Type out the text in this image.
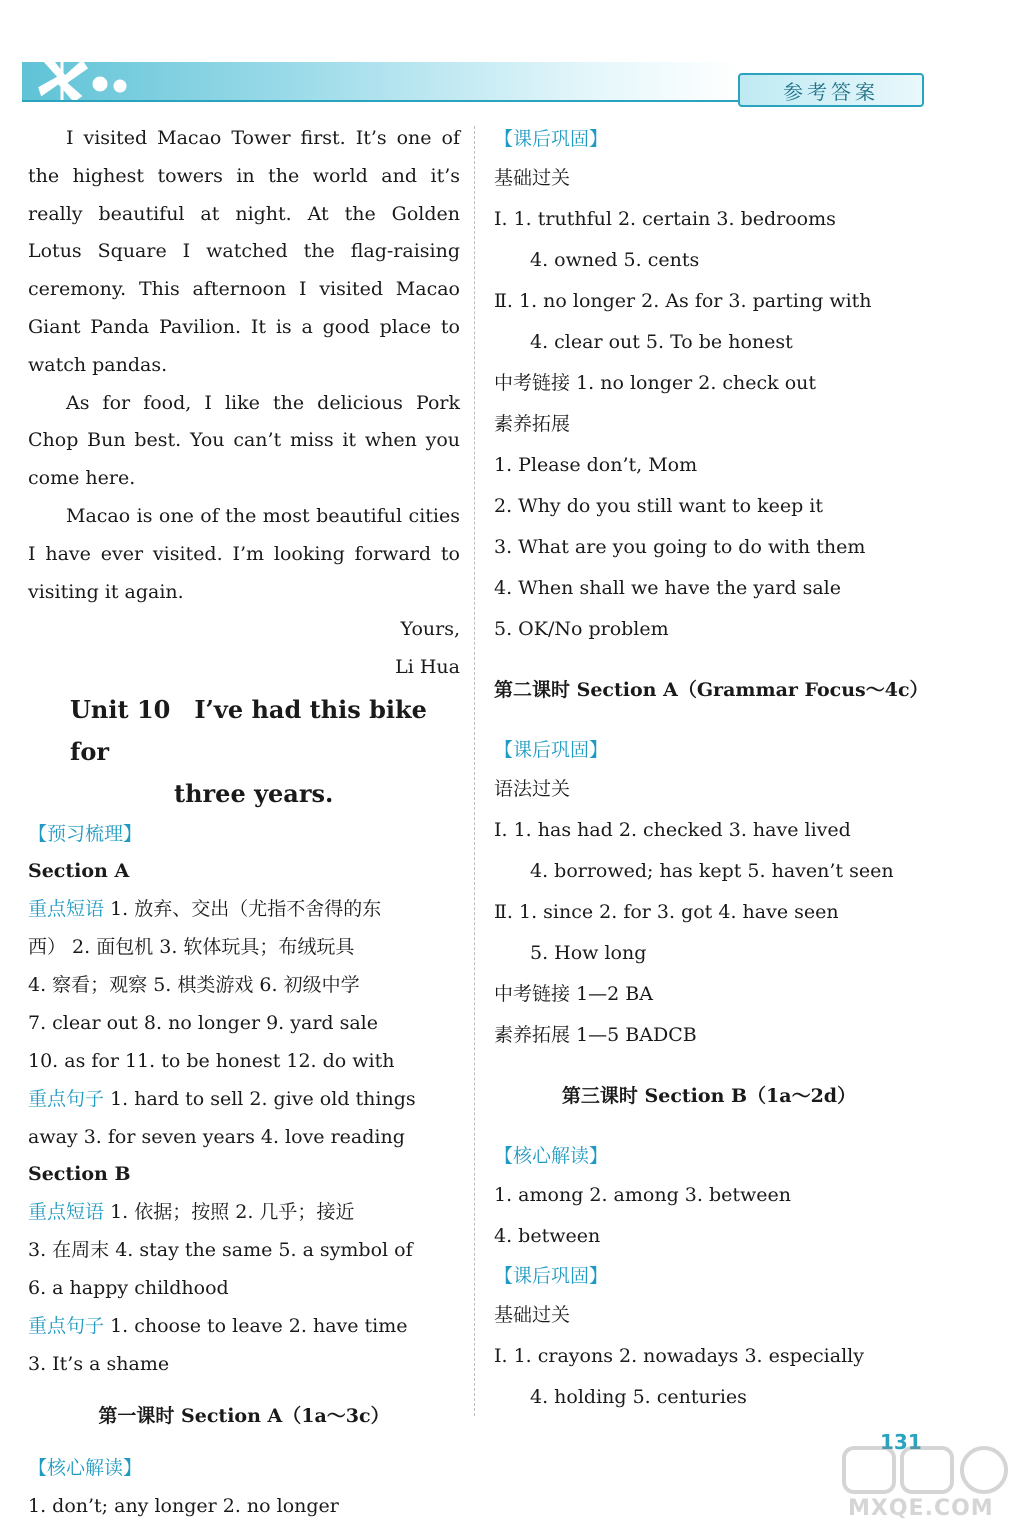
参考答案

I visited Macao Tower first. It’s one of the highest towers in the world and it’s really beautiful at night. At the Golden Lotus Square I watched the flag-raising ceremony. This afternoon I visited Macao Giant Panda Pavilion. It is a good place to watch pandas.

As for food, I like the delicious Pork Chop Bun best. You can’t miss it when you come here.

Macao is one of the most beautiful cities I have ever visited. I’m looking forward to visiting it again.

Yours,
Li Hua
Unit 10　I’ve had this bike for
three years.
【预习梳理】
Section A
重点短语 1. 放弃、交出（尤指不舍得的东
西） 2. 面包机 3. 软体玩具；布绒玩具
4. 察看；观察 5. 棋类游戏 6. 初级中学
7. clear out 8. no longer 9. yard sale
10. as for 11. to be honest 12. do with
重点句子 1. hard to sell 2. give old things
away 3. for seven years 4. love reading
Section B
重点短语 1. 依据；按照 2. 几乎；接近
3. 在周末 4. stay the same 5. a symbol of
6. a happy childhood
重点句子 1. choose to leave 2. have time
3. It’s a shame
第一课时 Section A（1a～3c）
【核心解读】
1. don’t; any longer 2. no longer
【课后巩固】
基础过关
Ⅰ. 1. truthful 2. certain 3. bedrooms
4. owned 5. cents
Ⅱ. 1. no longer 2. As for 3. parting with
4. clear out 5. To be honest
中考链接 1. no longer 2. check out
素养拓展
1. Please don’t, Mom
2. Why do you still want to keep it
3. What are you going to do with them
4. When shall we have the yard sale
5. OK/No problem
第二课时 Section A（Grammar Focus～4c）
【课后巩固】
语法过关
Ⅰ. 1. has had 2. checked 3. have lived
4. borrowed; has kept 5. haven’t seen
Ⅱ. 1. since 2. for 3. got 4. have seen
5. How long
中考链接 1—2 BA
素养拓展 1—5 BADCB
第三课时 Section B（1a～2d）
【核心解读】
1. among 2. among 3. between
4. between
【课后巩固】
基础过关
Ⅰ. 1. crayons 2. nowadays 3. especially
4. holding 5. centuries
131
MXQE.COM
